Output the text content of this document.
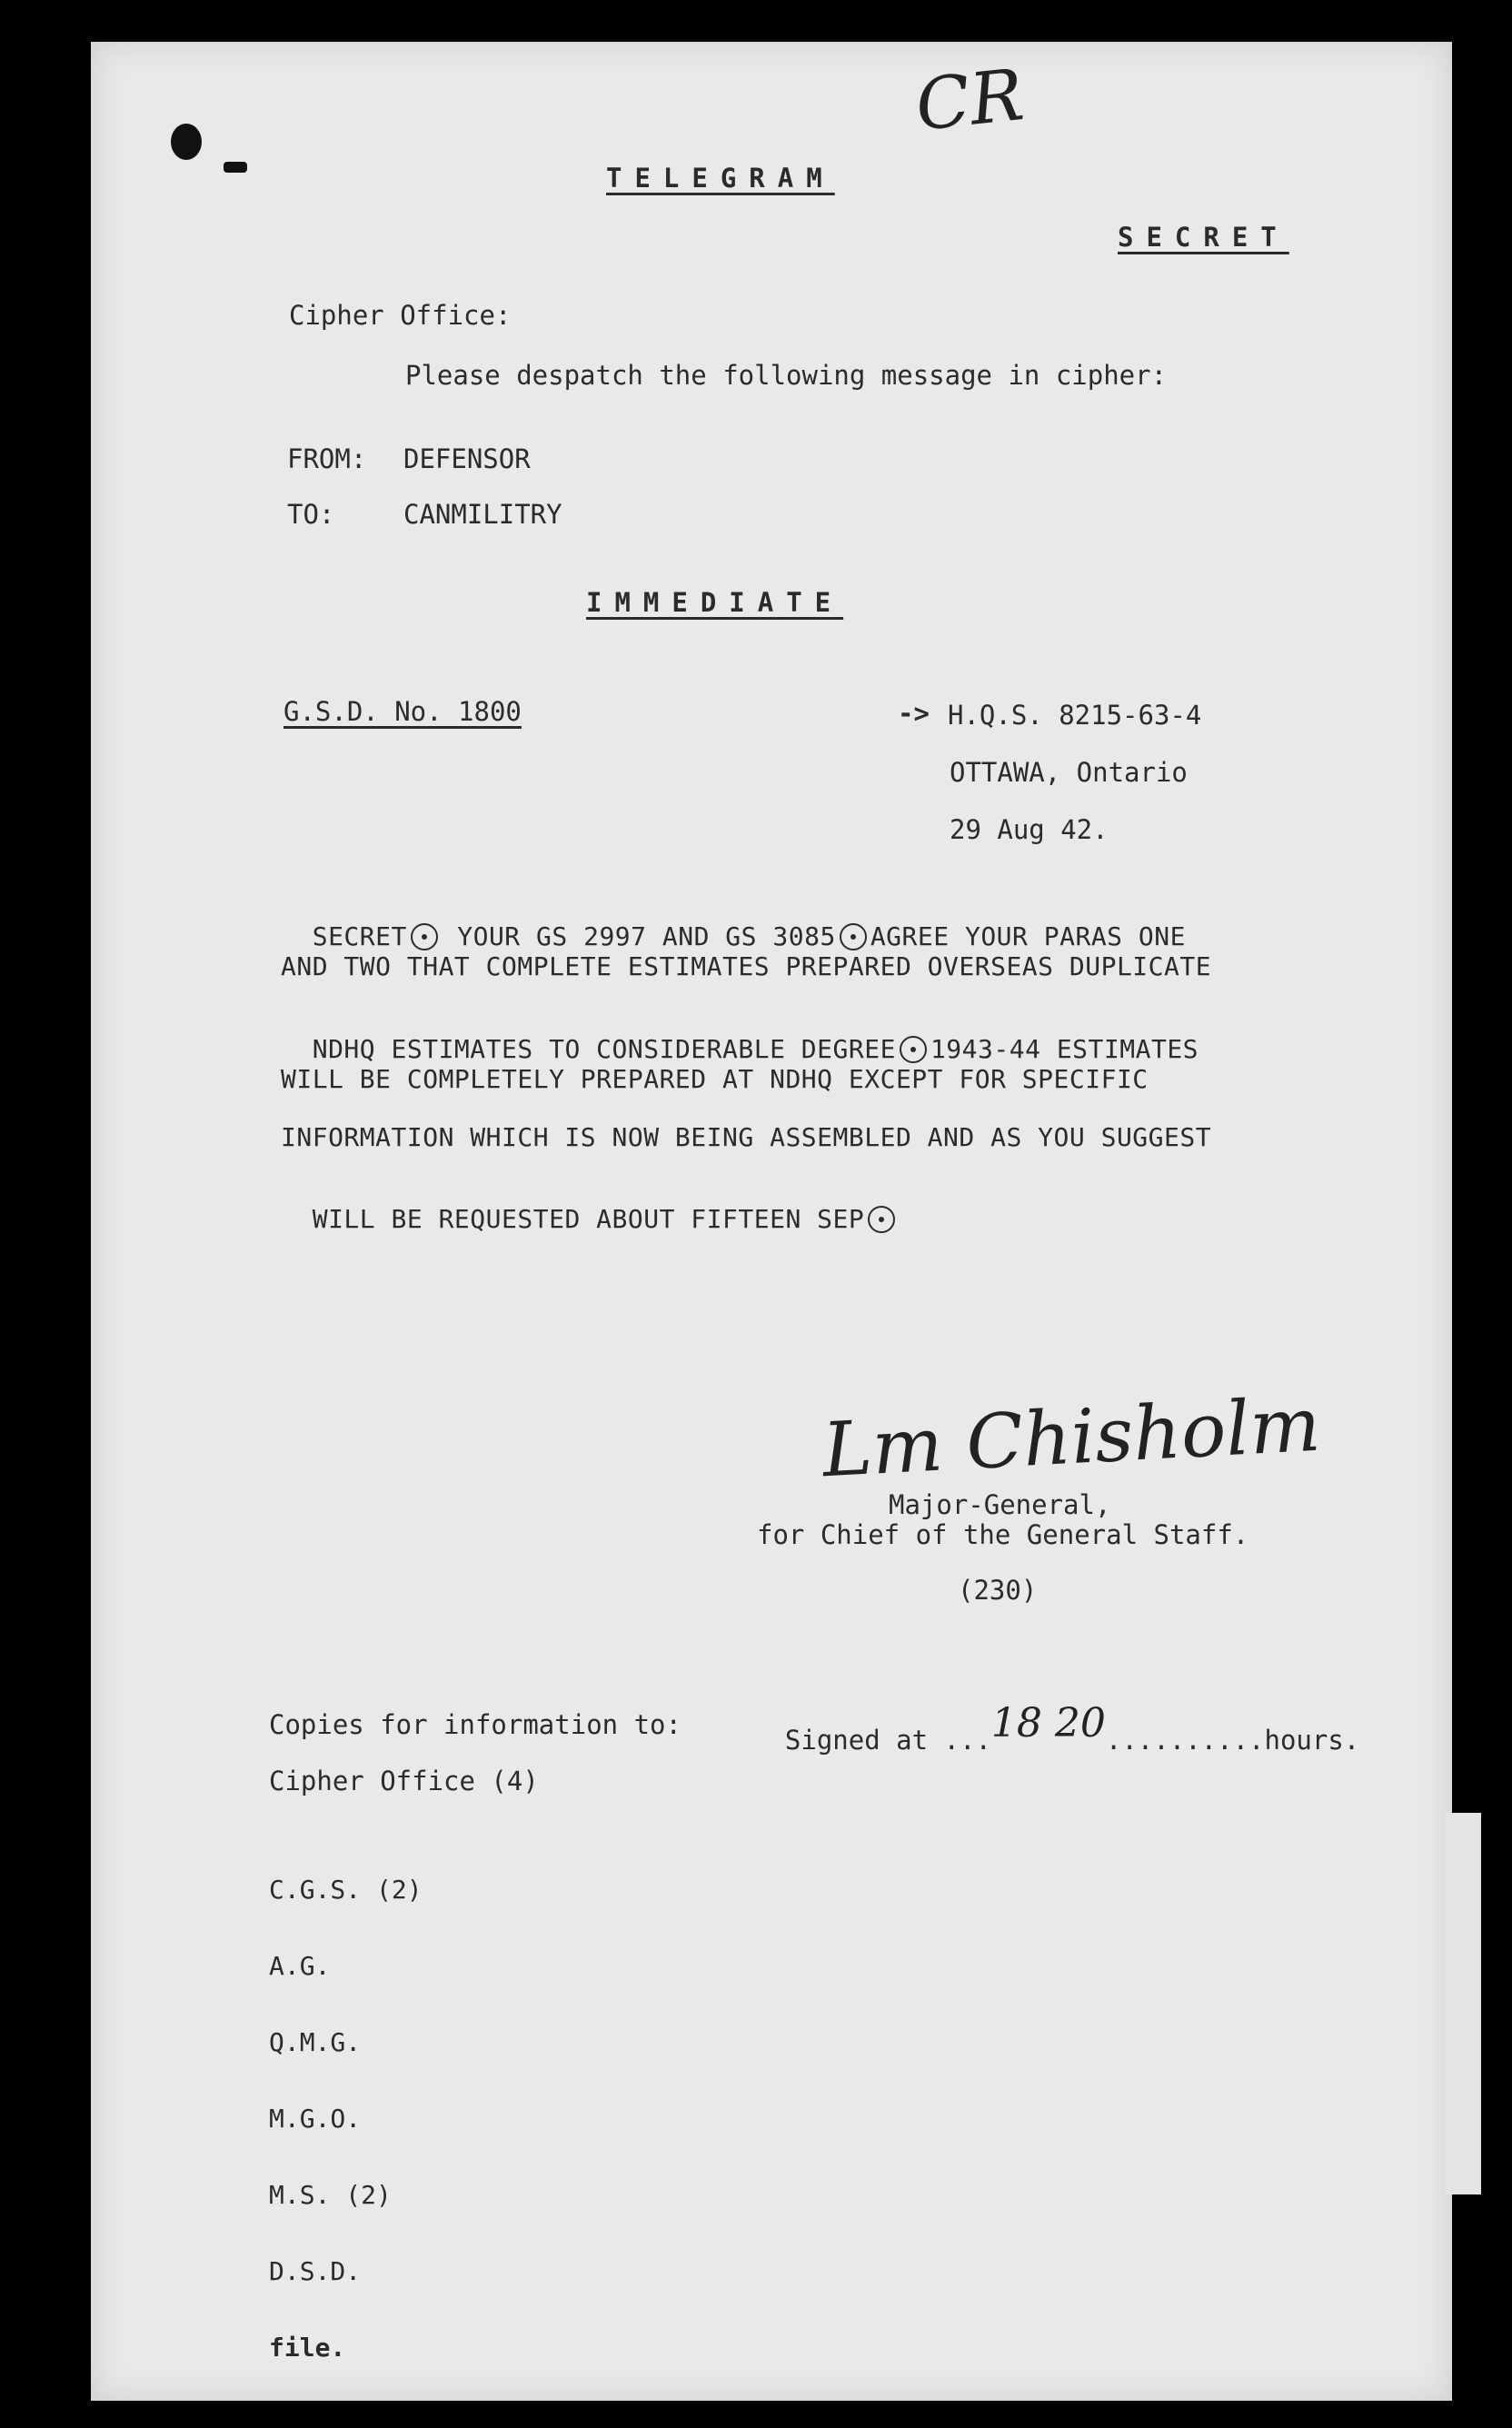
CR
TELEGRAM
SECRET
Cipher Office:
Please despatch the following message in cipher:
FROM: DEFENSOR
TO:	CANMILITRY
IMMEDIATE
G.S.D. No. 1800	-> H.Q.S. 8215-63-4
OTTAWA, Ontario
29 Aug 42.

SECRET YOUR GS 2997 AND GS 3085 AGREE YOUR PARAS ONE

AND TWO THAT COMPLETE ESTIMATES PREPARED OVERSEAS DUPLICATE

NDHQ ESTIMATES TO CONSIDERABLE DEGREE 1943-44 ESTIMATES

WILL BE COMPLETELY PREPARED AT NDHQ EXCEPT FOR SPECIFIC
INFORMATION WHICH IS NOW BEING ASSEMBLED AND AS YOU SUGGEST

WILL BE REQUESTED ABOUT FIFTEEN SEP

Lm Chisholm
Major-General,
for Chief of the General Staff.
(230)

Signed at ...18 20..........hours.

Copies for information to:
Cipher Office (4)

C.G.S. (2)

A.G.

Q.M.G.

M.G.O.

M.S. (2)

D.S.D.

file.
